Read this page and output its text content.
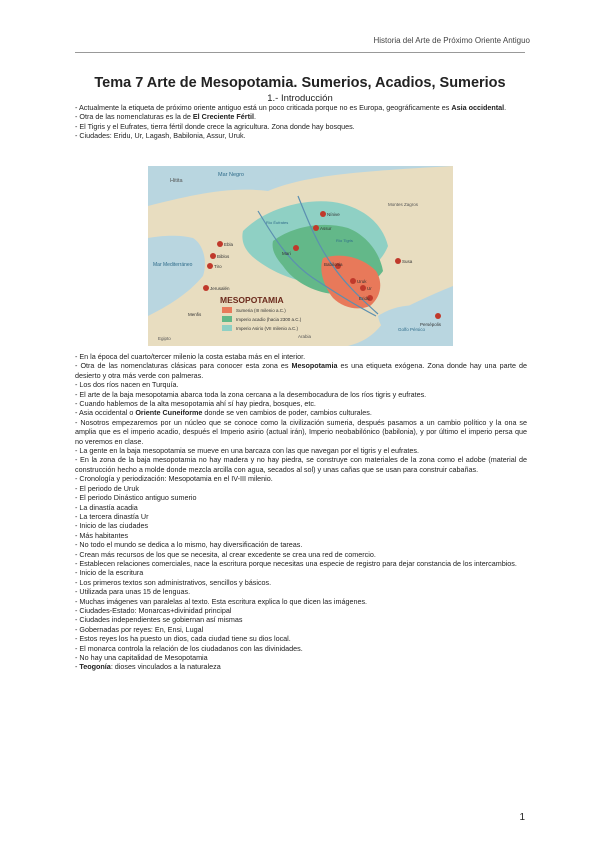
Historia del Arte de Próximo Oriente Antiguo
Tema 7 Arte de Mesopotamia. Sumerios, Acadios, Sumerios
1.- Introducción

- Actualmente la etiqueta de próximo oriente antiguo está un poco criticada porque no es Europa, geográficamente es Asia occidental.

- Otra de las nomenclaturas es la de El Creciente Fértil.

- El Tigris y el Eufrates, tierra fértil donde crece la agricultura. Zona donde hay bosques.

- Ciudades: Eridu, Ur, Lagash, Babilonia, Assur, Uruk.

Hitita
Mar Negro
Mar Mediterráneo
Ebla
Biblos
Tiro
Menfis
Jerusalén
Nínive
Assur
Mari
Babilonia
Eridu
Uruk
Ur
Susa
Persépolis
Montes Zagros
Golfo Pérsico
Río Éufrates
Río Tigris
Arabia
Egipto
MESOPOTAMIA
Sumeria (III milenio a.C.)
Imperio acadio (hacia 2300 a.C.)
Imperio Asirio (VII milenio a.C.)

- En la época del cuarto/tercer milenio la costa estaba más en el interior.

- Otra de las nomenclaturas clásicas para conocer esta zona es Mesopotamia es una etiqueta exógena. Zona donde hay una parte de desierto y otra más verde con palmeras.

- Los dos ríos nacen en Turquía.

- El arte de la baja mesopotamia abarca toda la zona cercana a la desembocadura de los ríos tigris y eufrates.

- Cuando hablemos de la alta mesopotamia ahí sí hay piedra, bosques, etc.

- Asia occidental o Oriente Cuneiforme donde se ven cambios de poder, cambios culturales.

- Nosotros empezaremos por un núcleo que se conoce como la civilización sumeria, después pasamos a un cambio político y la ona se amplia que es el imperio acadio, después el Imperio asirio (actual irán), Imperio neobabilónico (babilonia), y por último el imperio persa que no veremos en clase.

- La gente en la baja mesopotamia se mueve en una barcaza con las que navegan por el tigris y el eufrates.

- En la zona de la baja mesopotamia no hay madera y no hay piedra, se construye con materiales de la zona como el adobe (material de construcción hecho a molde donde mezcla arcilla con agua, secados al sol) y unas cañas que se usan para construir cabañas.

- Cronología y periodización: Mesopotamia en el IV-III milenio.

- El periodo de Uruk

- El periodo Dinástico antiguo sumerio

- La dinastía acadia

- La tercera dinastía Ur

- Inicio de las ciudades

- Más habitantes

- No todo el mundo se dedica a lo mismo, hay diversificación de tareas.

- Crean más recursos de los que se necesita, al crear excedente se crea una red de comercio.

- Establecen relaciones comerciales, nace la escritura porque necesitas una especie de registro para dejar constancia de los intercambios.

- Inicio de la escritura

- Los primeros textos son administrativos, sencillos y básicos.

- Utilizada para unas 15 de lenguas.

- Muchas imágenes van paralelas al texto. Esta escritura explica lo que dicen las imágenes.

- Ciudades-Estado: Monarcas+divinidad principal

- Ciudades independientes se gobiernan así mismas

- Gobernadas por reyes: En, Ensi, Lugal

- Estos reyes los ha puesto un dios, cada ciudad tiene su dios local.

- El monarca controla la relación de los ciudadanos con las divinidades.

- No hay una capitalidad de Mesopotamia

- Teogonía: dioses vinculados a la naturaleza

1
